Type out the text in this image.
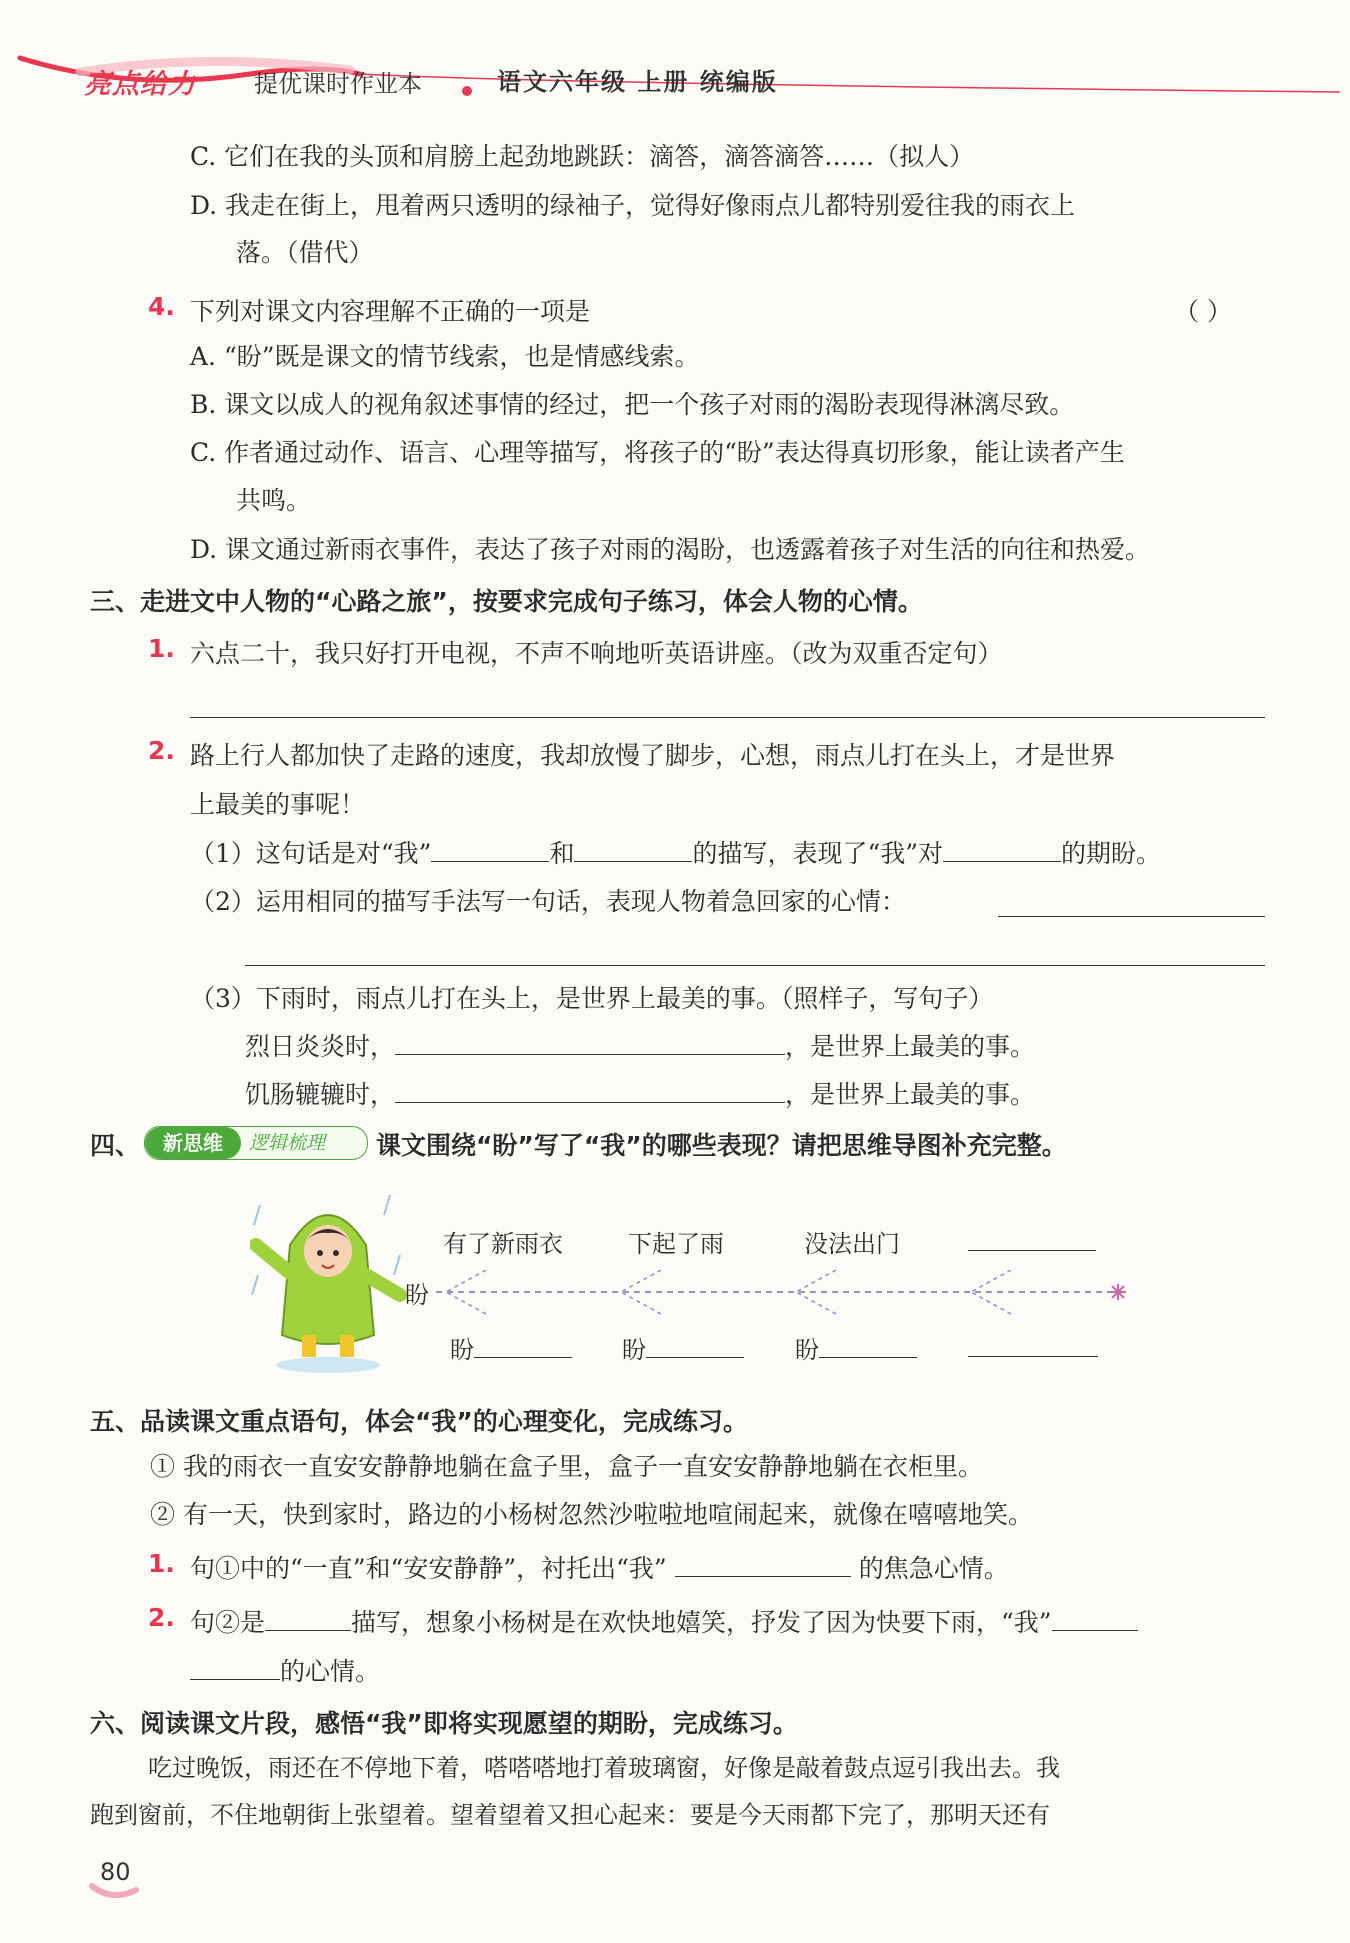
亮点给力 提优课时作业本	语文六年级 上册 统编版
C. 它们在我的头顶和肩膀上起劲地跳跃：滴答，滴答滴答……（拟人）
D. 我走在街上，甩着两只透明的绿袖子，觉得好像雨点儿都特别爱往我的雨衣上
落。（借代）
4. 下列对课文内容理解不正确的一项是	（ ）
A. “盼”既是课文的情节线索，也是情感线索。
B. 课文以成人的视角叙述事情的经过，把一个孩子对雨的渴盼表现得淋漓尽致。
C. 作者通过动作、语言、心理等描写，将孩子的“盼”表达得真切形象，能让读者产生
共鸣。
D. 课文通过新雨衣事件，表达了孩子对雨的渴盼，也透露着孩子对生活的向往和热爱。
三、走进文中人物的“心路之旅”，按要求完成句子练习，体会人物的心情。
1. 六点二十，我只好打开电视，不声不响地听英语讲座。（改为双重否定句）
2. 路上行人都加快了走路的速度，我却放慢了脚步，心想，雨点儿打在头上，才是世界
上最美的事呢！
（1）这句话是对“我”	和	的描写，表现了“我”对	的期盼。
（2）运用相同的描写手法写一句话，表现人物着急回家的心情：
（3）下雨时，雨点儿打在头上，是世界上最美的事。（照样子，写句子）
烈日炎炎时，	，是世界上最美的事。
饥肠辘辘时，	，是世界上最美的事。
四、	新思维	逻辑梳理 课文围绕“盼”写了“我”的哪些表现？请把思维导图补充完整。
有了新雨衣	下起了雨	没法出门
盼
盼	盼	盼
五、品读课文重点语句，体会“我”的心理变化，完成练习。
① 我的雨衣一直安安静静地躺在盒子里，盒子一直安安静静地躺在衣柜里。
② 有一天，快到家时，路边的小杨树忽然沙啦啦地喧闹起来，就像在嘻嘻地笑。
1. 句①中的“一直”和“安安静静”，衬托出“我”	的焦急心情。
2. 句②是	描写，想象小杨树是在欢快地嬉笑，抒发了因为快要下雨，“我”
的心情。
六、阅读课文片段，感悟“我”即将实现愿望的期盼，完成练习。
吃过晚饭，雨还在不停地下着，嗒嗒嗒地打着玻璃窗，好像是敲着鼓点逗引我出去。我
跑到窗前，不住地朝街上张望着。望着望着又担心起来：要是今天雨都下完了，那明天还有
80
